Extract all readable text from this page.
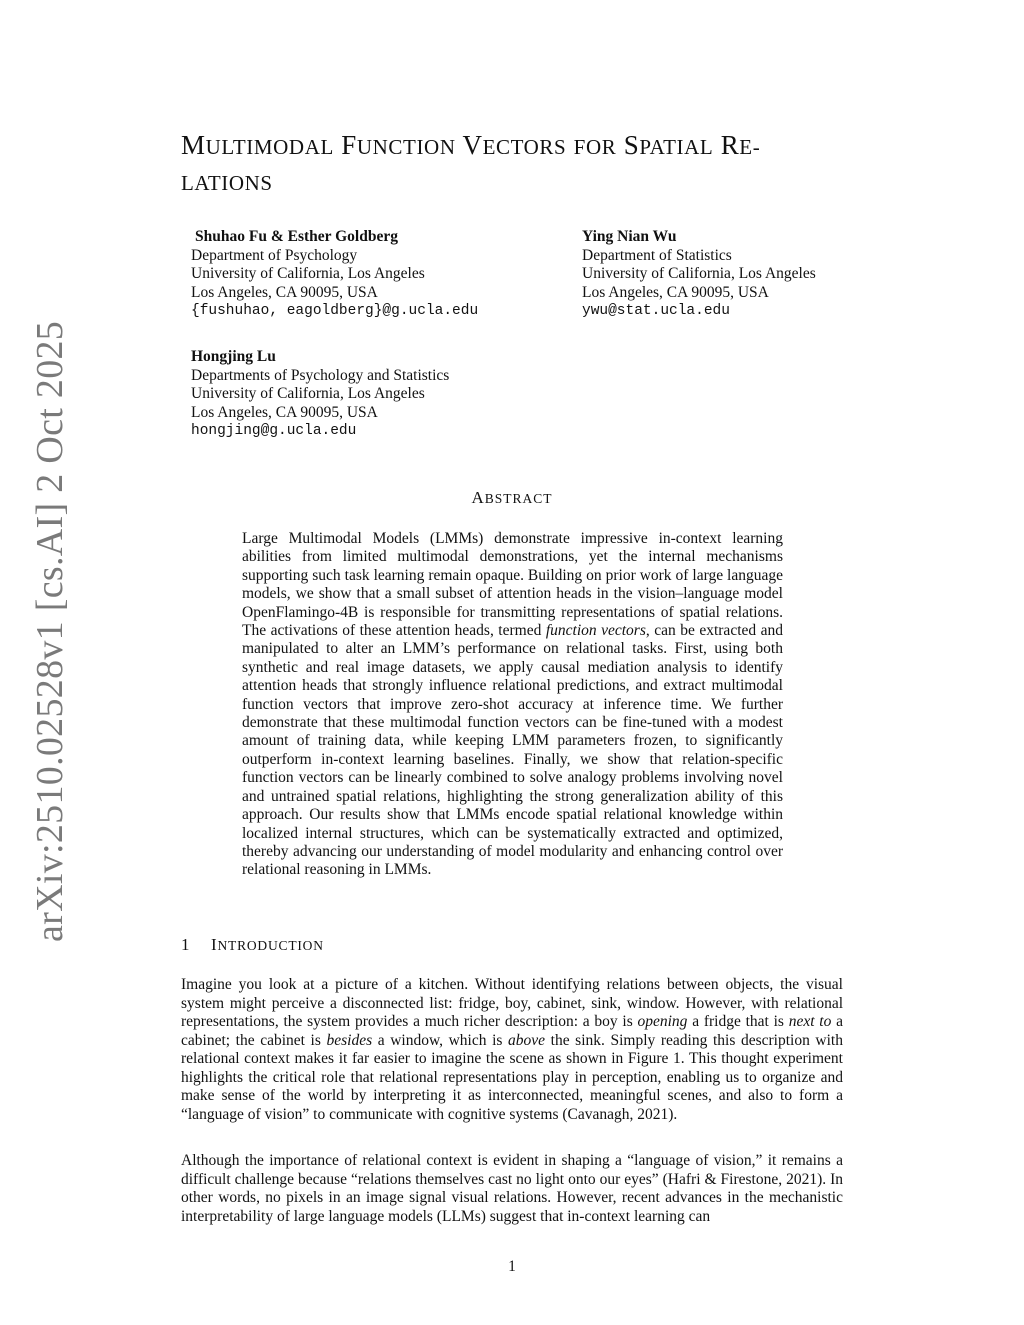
arXiv:2510.02528v1 [cs.AI] 2 Oct 2025
MULTIMODAL FUNCTION VECTORS FOR SPATIAL RE-
LATIONS
Shuhao Fu & Esther Goldberg
Department of Psychology
University of California, Los Angeles
Los Angeles, CA 90095, USA
{fushuhao, eagoldberg}@g.ucla.edu
Ying Nian Wu
Department of Statistics
University of California, Los Angeles
Los Angeles, CA 90095, USA
ywu@stat.ucla.edu
Hongjing Lu
Departments of Psychology and Statistics
University of California, Los Angeles
Los Angeles, CA 90095, USA
hongjing@g.ucla.edu
ABSTRACT

Large Multimodal Models (LMMs) demonstrate impressive in-context learning abilities from limited multimodal demonstrations, yet the internal mechanisms supporting such task learning remain opaque. Building on prior work of large language models, we show that a small subset of attention heads in the vision–language model OpenFlamingo-4B is responsible for transmitting representations of spatial relations. The activations of these attention heads, termed function vectors, can be extracted and manipulated to alter an LMM’s performance on relational tasks. First, using both synthetic and real image datasets, we apply causal mediation analysis to identify attention heads that strongly influence relational predictions, and extract multimodal function vectors that improve zero-shot accuracy at inference time. We further demonstrate that these multimodal function vectors can be fine-tuned with a modest amount of training data, while keeping LMM parameters frozen, to significantly outperform in-context learning baselines. Finally, we show that relation-specific function vectors can be linearly combined to solve analogy problems involving novel and untrained spatial relations, highlighting the strong generalization ability of this approach. Our results show that LMMs encode spatial relational knowledge within localized internal structures, which can be systematically extracted and optimized, thereby advancing our understanding of model modularity and enhancing control over relational reasoning in LMMs.

1 INTRODUCTION

Imagine you look at a picture of a kitchen. Without identifying relations between objects, the visual system might perceive a disconnected list: fridge, boy, cabinet, sink, window. However, with relational representations, the system provides a much richer description: a boy is opening a fridge that is next to a cabinet; the cabinet is besides a window, which is above the sink. Simply reading this description with relational context makes it far easier to imagine the scene as shown in Figure 1. This thought experiment highlights the critical role that relational representations play in perception, enabling us to organize and make sense of the world by interpreting it as interconnected, meaningful scenes, and also to form a “language of vision” to communicate with cognitive systems (Cavanagh, 2021).

Although the importance of relational context is evident in shaping a “language of vision,” it remains a difficult challenge because “relations themselves cast no light onto our eyes” (Hafri & Firestone, 2021). In other words, no pixels in an image signal visual relations. However, recent advances in the mechanistic interpretability of large language models (LLMs) suggest that in-context learning can

1
